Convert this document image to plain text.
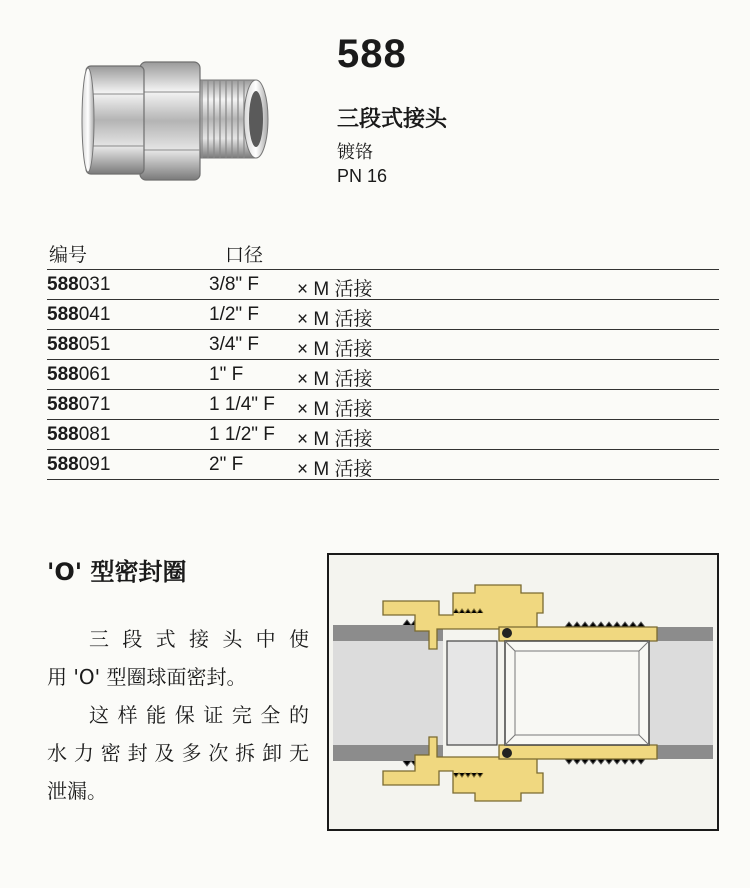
588
三段式接头
镀铬
PN 16
编号	口径
588031	3/8" F × M 活接
588041	1/2" F × M 活接
588051	3/4" F × M 活接
588061	1" F	× M 活接
588071	1 1/4" F × M 活接
588081	1 1/2" F × M 活接
588091	2" F	× M 活接
'O' 型密封圈

三段式接头中使

用 'O' 型圈球面密封。

这样能保证完全的

水力密封及多次拆卸无

泄漏。
